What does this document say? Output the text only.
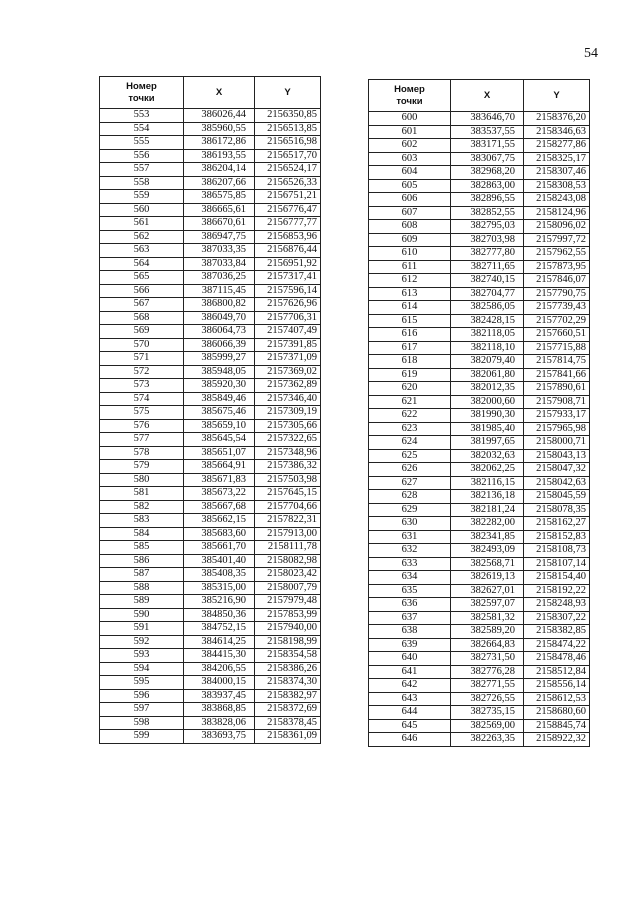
54
Номер
точки	X	Y
553	386026,44	2156350,85
554	385960,55	2156513,85
555	386172,86	2156516,98
556	386193,55	2156517,70
557	386204,14	2156524,17
558	386207,66	2156526,33
559	386575,85	2156751,21
560	386665,61	2156776,47
561	386670,61	2156777,77
562	386947,75	2156853,96
563	387033,35	2156876,44
564	387033,84	2156951,92
565	387036,25	2157317,41
566	387115,45	2157596,14
567	386800,82	2157626,96
568	386049,70	2157706,31
569	386064,73	2157407,49
570	386066,39	2157391,85
571	385999,27	2157371,09
572	385948,05	2157369,02
573	385920,30	2157362,89
574	385849,46	2157346,40
575	385675,46	2157309,19
576	385659,10	2157305,66
577	385645,54	2157322,65
578	385651,07	2157348,96
579	385664,91	2157386,32
580	385671,83	2157503,98
581	385673,22	2157645,15
582	385667,68	2157704,66
583	385662,15	2157822,31
584	385683,60	2157913,00
585	385661,70	2158111,78
586	385401,40	2158082,98
587	385408,35	2158023,42
588	385315,00	2158007,79
589	385216,90	2157979,48
590	384850,36	2157853,99
591	384752,15	2157940,00
592	384614,25	2158198,99
593	384415,30	2158354,58
594	384206,55	2158386,26
595	384000,15	2158374,30
596	383937,45	2158382,97
597	383868,85	2158372,69
598	383828,06	2158378,45
599	383693,75	2158361,09
Номер
точки	X	Y
600	383646,70	2158376,20
601	383537,55	2158346,63
602	383171,55	2158277,86
603	383067,75	2158325,17
604	382968,20	2158307,46
605	382863,00	2158308,53
606	382896,55	2158243,08
607	382852,55	2158124,96
608	382795,03	2158096,02
609	382703,98	2157997,72
610	382777,80	2157962,55
611	382711,65	2157873,95
612	382740,15	2157846,07
613	382704,77	2157790,75
614	382586,05	2157739,43
615	382428,15	2157702,29
616	382118,05	2157660,51
617	382118,10	2157715,88
618	382079,40	2157814,75
619	382061,80	2157841,66
620	382012,35	2157890,61
621	382000,60	2157908,71
622	381990,30	2157933,17
623	381985,40	2157965,98
624	381997,65	2158000,71
625	382032,63	2158043,13
626	382062,25	2158047,32
627	382116,15	2158042,63
628	382136,18	2158045,59
629	382181,24	2158078,35
630	382282,00	2158162,27
631	382341,85	2158152,83
632	382493,09	2158108,73
633	382568,71	2158107,14
634	382619,13	2158154,40
635	382627,01	2158192,22
636	382597,07	2158248,93
637	382581,32	2158307,22
638	382589,20	2158382,85
639	382664,83	2158474,22
640	382731,50	2158478,46
641	382776,28	2158512,84
642	382771,55	2158556,14
643	382726,55	2158612,53
644	382735,15	2158680,60
645	382569,00	2158845,74
646	382263,35	2158922,32
